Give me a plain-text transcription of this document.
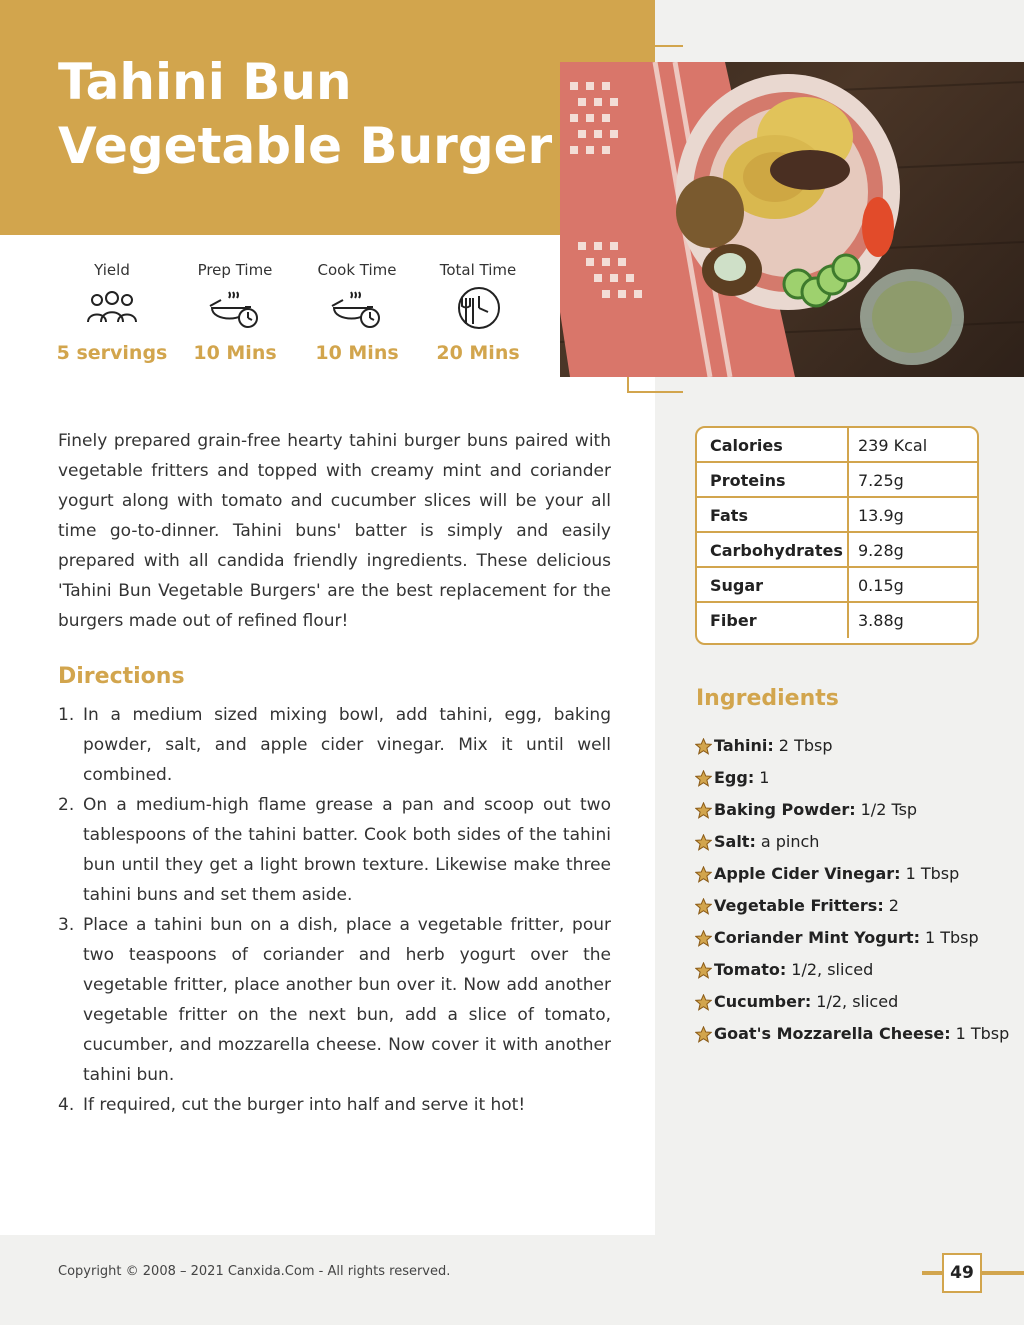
Tahini Bun
Vegetable Burger
Yield
5 servings
Prep Time
10 Mins
Cook Time
10 Mins
Total Time
20 Mins

Finely prepared grain-free hearty tahini burger buns paired with vegetable fritters and topped with creamy mint and coriander yogurt along with tomato and cucumber slices will be your all time go-to-dinner. Tahini buns' batter is simply and easily prepared with all candida friendly ingredients. These delicious 'Tahini Bun Vegetable Burgers' are the best replacement for the burgers made out of refined flour!

Directions
1. In a medium sized mixing bowl, add tahini, egg, baking powder, salt, and apple cider vinegar. Mix it until well combined.
2. On a medium-high flame grease a pan and scoop out two tablespoons of the tahini batter. Cook both sides of the tahini bun until they get a light brown texture. Likewise make three tahini buns and set them aside.
3. Place a tahini bun on a dish, place a vegetable fritter, pour two teaspoons of coriander and herb yogurt over the vegetable fritter, place another bun over it. Now add another vegetable fritter on the next bun, add a slice of tomato, cucumber, and mozzarella cheese. Now cover it with another tahini bun.
4. If required, cut the burger into half and serve it hot!
Calories	239 Kcal
Proteins	7.25g
Fats	13.9g
Carbohydrates 9.28g
Sugar	0.15g
Fiber	3.88g
Ingredients
Tahini: 2 Tbsp
Egg: 1
Baking Powder: 1/2 Tsp
Salt: a pinch
Apple Cider Vinegar: 1 Tbsp
Vegetable Fritters: 2
Coriander Mint Yogurt: 1 Tbsp
Tomato: 1/2, sliced
Cucumber: 1/2, sliced
Goat's Mozzarella Cheese: 1 Tbsp
Copyright © 2008 – 2021 Canxida.Com - All rights reserved.	49
